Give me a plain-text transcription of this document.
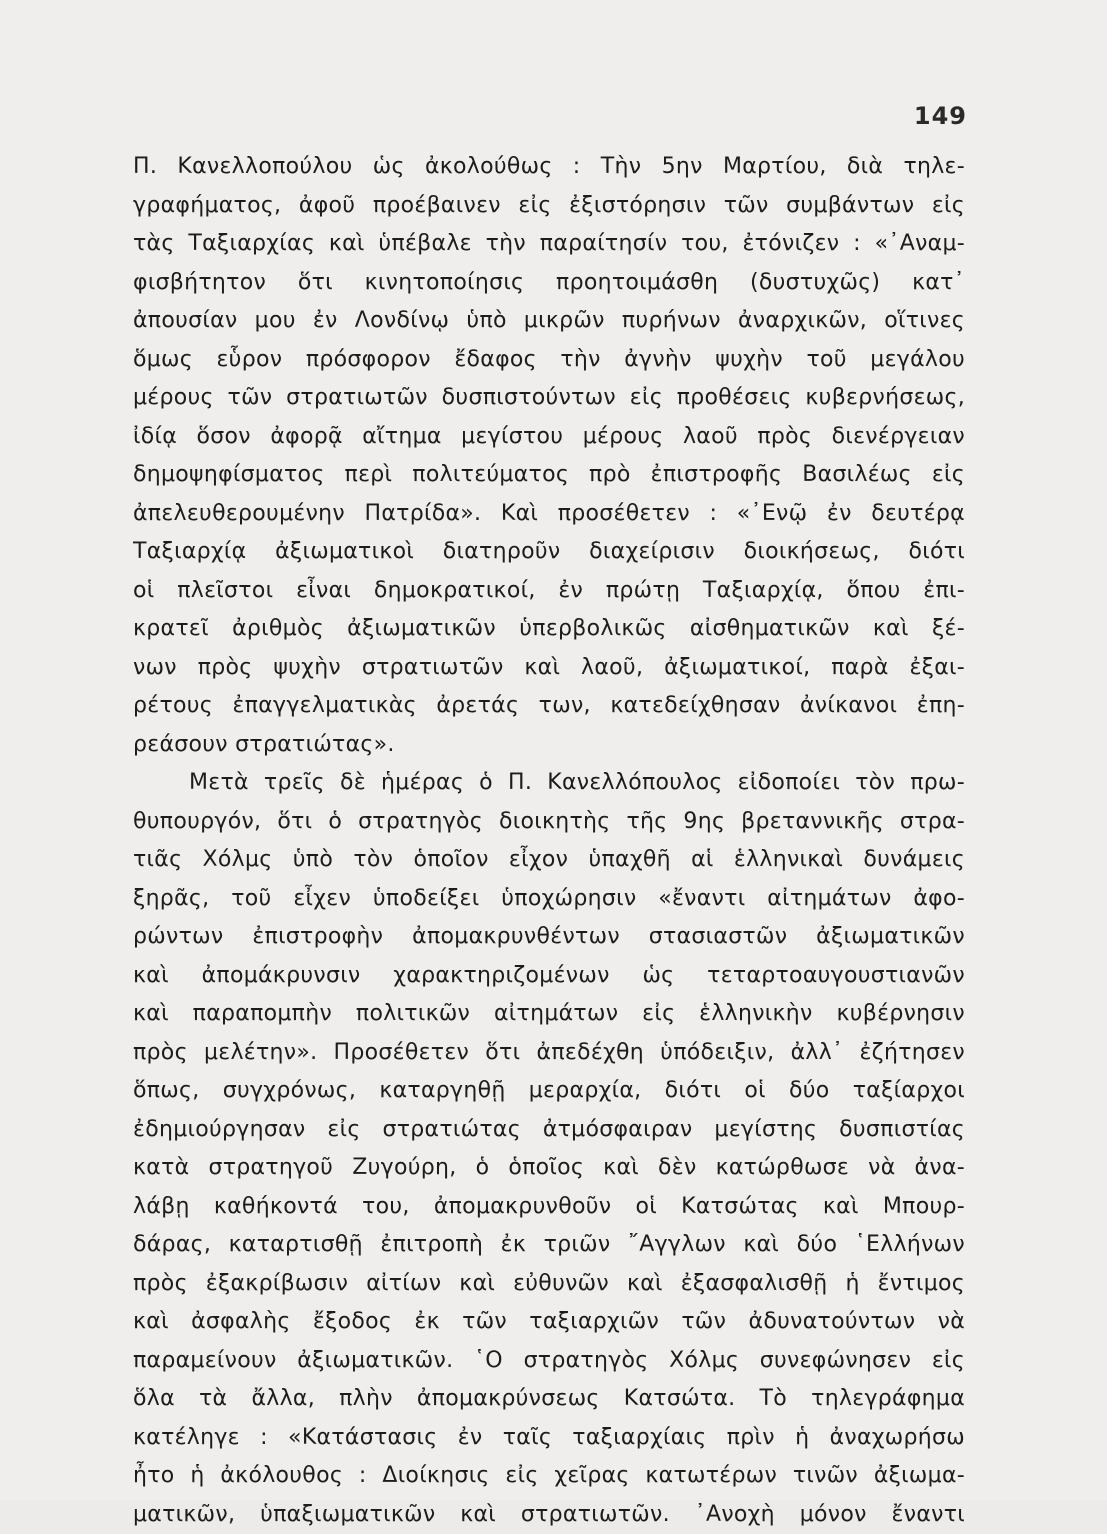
149
Π. Κανελλοπούλου ὡς ἀκολούθως : Τὴν 5ην Μαρτίου, διὰ τηλε-
γραφήματος, ἀφοῦ προέβαινεν εἰς ἐξιστόρησιν τῶν συμβάντων εἰς
τὰς Ταξιαρχίας καὶ ὑπέβαλε τὴν παραίτησίν του, ἐτόνιζεν : «᾿Αναμ-
φισβήτητον ὅτι κινητοποίησις προητοιμάσθη (δυστυχῶς) κατ᾿
ἀπουσίαν μου ἐν Λονδίνῳ ὑπὸ μικρῶν πυρήνων ἀναρχικῶν, οἵτινες
ὅμως εὗρον πρόσφορον ἔδαφος τὴν ἀγνὴν ψυχὴν τοῦ μεγάλου
μέρους τῶν στρατιωτῶν δυσπιστούντων εἰς προθέσεις κυβερνήσεως,
ἰδίᾳ ὅσον ἀφορᾷ αἴτημα μεγίστου μέρους λαοῦ πρὸς διενέργειαν
δημοψηφίσματος περὶ πολιτεύματος πρὸ ἐπιστροφῆς Βασιλέως εἰς
ἀπελευθερουμένην Πατρίδα». Καὶ προσέθετεν : «᾿Ενῷ ἐν δευτέρᾳ
Ταξιαρχίᾳ ἀξιωματικοὶ διατηροῦν διαχείρισιν διοικήσεως, διότι
οἱ πλεῖστοι εἶναι δημοκρατικοί, ἐν πρώτῃ Ταξιαρχίᾳ, ὅπου ἐπι-
κρατεῖ ἀριθμὸς ἀξιωματικῶν ὑπερβολικῶς αἰσθηματικῶν καὶ ξέ-
νων πρὸς ψυχὴν στρατιωτῶν καὶ λαοῦ, ἀξιωματικοί, παρὰ ἐξαι-
ρέτους ἐπαγγελματικὰς ἀρετάς των, κατεδείχθησαν ἀνίκανοι ἐπη-
ρεάσουν στρατιώτας».
Μετὰ τρεῖς δὲ ἡμέρας ὁ Π. Κανελλόπουλος εἰδοποίει τὸν πρω-
θυπουργόν, ὅτι ὁ στρατηγὸς διοικητὴς τῆς 9ης βρεταννικῆς στρα-
τιᾶς Χόλμς ὑπὸ τὸν ὁποῖον εἶχον ὑπαχθῆ αἱ ἑλληνικαὶ δυνάμεις
ξηρᾶς, τοῦ εἶχεν ὑποδείξει ὑποχώρησιν «ἔναντι αἰτημάτων ἀφο-
ρώντων ἐπιστροφὴν ἀπομακρυνθέντων στασιαστῶν ἀξιωματικῶν
καὶ ἀπομάκρυνσιν χαρακτηριζομένων ὡς τεταρτοαυγουστιανῶν
καὶ παραπομπὴν πολιτικῶν αἰτημάτων εἰς ἑλληνικὴν κυβέρνησιν
πρὸς μελέτην». Προσέθετεν ὅτι ἀπεδέχθη ὑπόδειξιν, ἀλλ᾿ ἐζήτησεν
ὅπως, συγχρόνως, καταργηθῇ μεραρχία, διότι οἱ δύο ταξίαρχοι
ἐδημιούργησαν εἰς στρατιώτας ἀτμόσφαιραν μεγίστης δυσπιστίας
κατὰ στρατηγοῦ Ζυγούρη, ὁ ὁποῖος καὶ δὲν κατώρθωσε νὰ ἀνα-
λάβῃ καθήκοντά του, ἀπομακρυνθοῦν οἱ Κατσώτας καὶ Μπουρ-
δάρας, καταρτισθῇ ἐπιτροπὴ ἐκ τριῶν ῎Αγγλων καὶ δύο ῾Ελλήνων
πρὸς ἐξακρίβωσιν αἰτίων καὶ εὐθυνῶν καὶ ἐξασφαλισθῇ ἡ ἔντιμος
καὶ ἀσφαλὴς ἔξοδος ἐκ τῶν ταξιαρχιῶν τῶν ἀδυνατούντων νὰ
παραμείνουν ἀξιωματικῶν. ῾Ο στρατηγὸς Χόλμς συνεφώνησεν εἰς
ὅλα τὰ ἄλλα, πλὴν ἀπομακρύνσεως Κατσώτα. Τὸ τηλεγράφημα
κατέληγε : «Κατάστασις ἐν ταῖς ταξιαρχίαις πρὶν ἡ ἀναχωρήσω
ἦτο ἡ ἀκόλουθος : Διοίκησις εἰς χεῖρας κατωτέρων τινῶν ἀξιωμα-
ματικῶν, ὑπαξιωματικῶν καὶ στρατιωτῶν. ᾿Ανοχὴ μόνον ἔναντι
